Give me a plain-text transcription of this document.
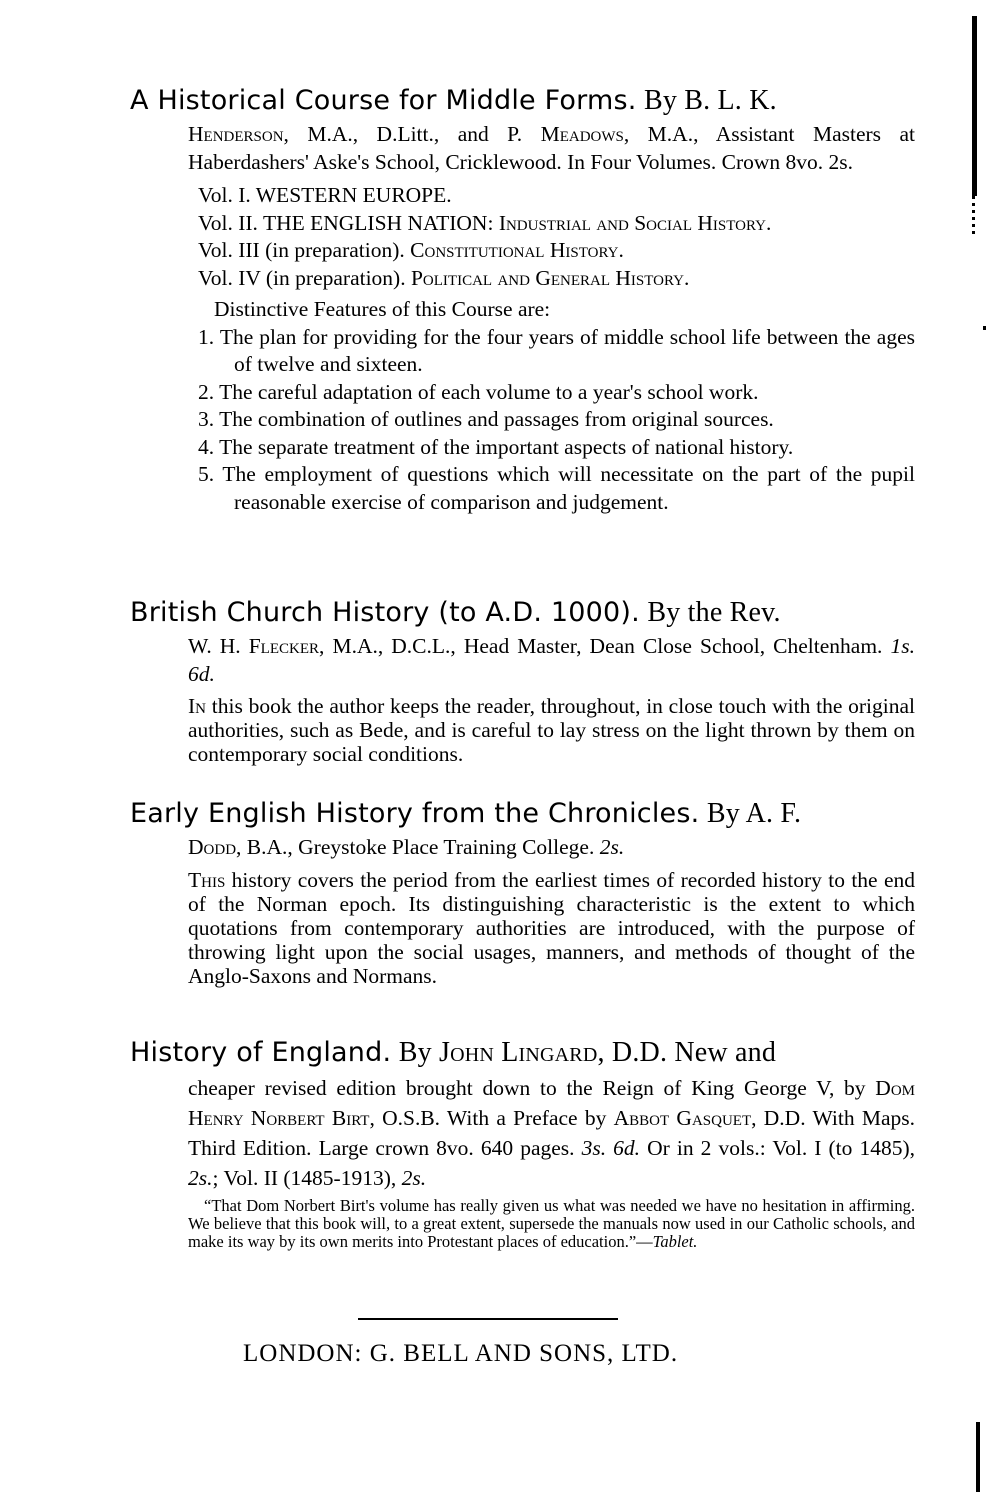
A Historical Course for Middle Forms. By B. L. K.

Henderson, M.A., D.Litt., and P. Meadows, M.A., Assistant Masters at Haberdashers' Aske's School, Cricklewood. In Four Volumes. Crown 8vo. 2s.

Vol. I. WESTERN EUROPE.

Vol. II. THE ENGLISH NATION: Industrial and Social History.

Vol. III (in preparation). Constitutional History.

Vol. IV (in preparation). Political and General History.

Distinctive Features of this Course are:

1. The plan for providing for the four years of middle school life between the ages of twelve and sixteen.

2. The careful adaptation of each volume to a year's school work.

3. The combination of outlines and passages from original sources.

4. The separate treatment of the important aspects of national history.

5. The employment of questions which will necessitate on the part of the pupil reasonable exercise of comparison and judgement.

British Church History (to A.D. 1000). By the Rev.

W. H. Flecker, M.A., D.C.L., Head Master, Dean Close School, Cheltenham. 1s. 6d.

In this book the author keeps the reader, throughout, in close touch with the original authorities, such as Bede, and is careful to lay stress on the light thrown by them on contemporary social conditions.

Early English History from the Chronicles. By A. F.

Dodd, B.A., Greystoke Place Training College. 2s.

This history covers the period from the earliest times of recorded history to the end of the Norman epoch. Its distinguishing characteristic is the extent to which quotations from contemporary authorities are introduced, with the purpose of throwing light upon the social usages, manners, and methods of thought of the Anglo-Saxons and Normans.

History of England. By John Lingard, D.D. New and

cheaper revised edition brought down to the Reign of King George V, by Dom Henry Norbert Birt, O.S.B. With a Preface by Abbot Gasquet, D.D. With Maps. Third Edition. Large crown 8vo. 640 pages. 3s. 6d. Or in 2 vols.: Vol. I (to 1485), 2s.; Vol. II (1485-1913), 2s.

“That Dom Norbert Birt's volume has really given us what was needed we have no hesitation in affirming. We believe that this book will, to a great extent, supersede the manuals now used in our Catholic schools, and make its way by its own merits into Protestant places of education.”—Tablet.

LONDON: G. BELL AND SONS, LTD.
